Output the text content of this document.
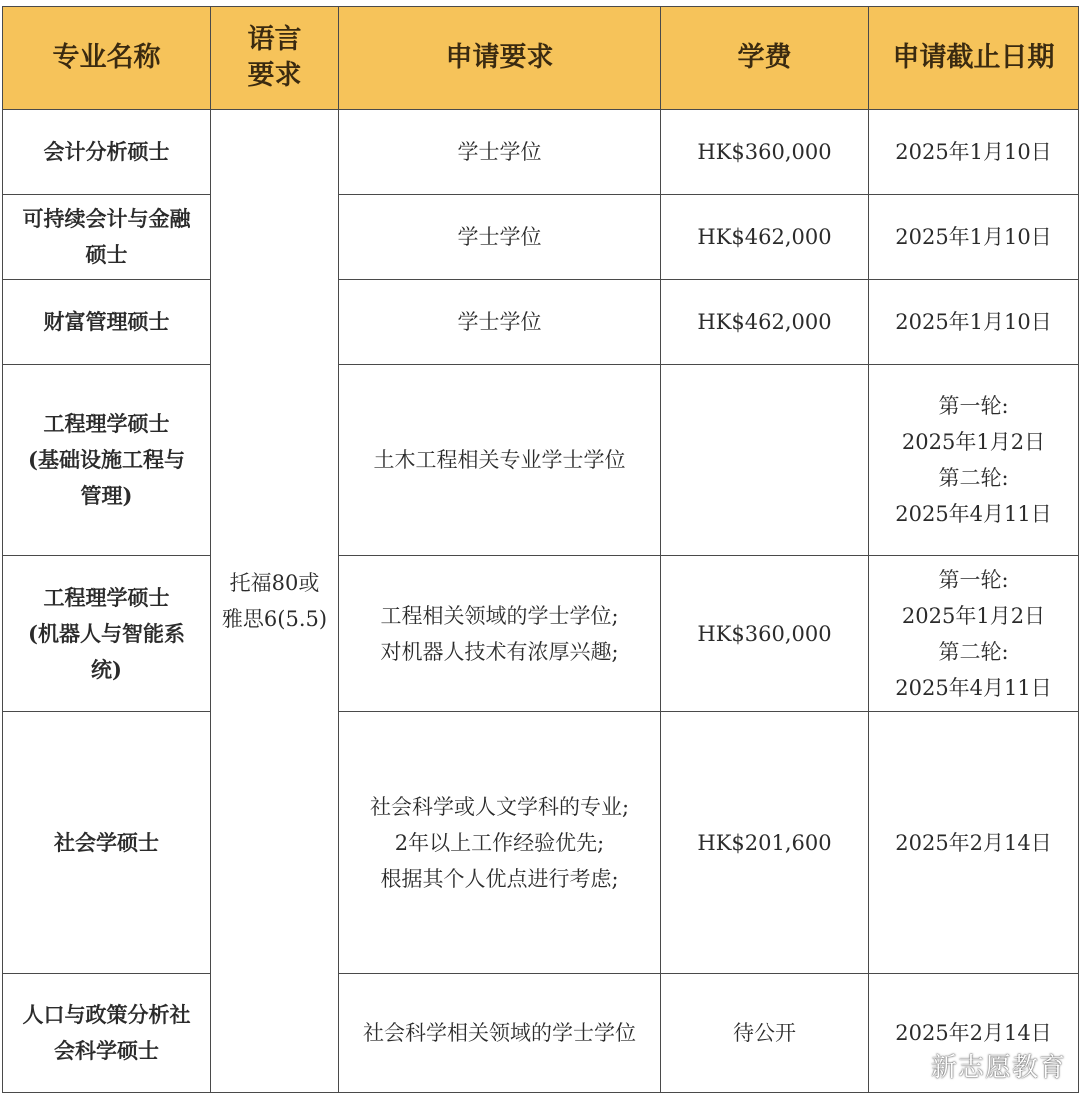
专业名称	语言要求	申请要求	学费	申请截止日期

会计分析硕士	托福80或
雅思6(5.5)	学士学位	HK$360,000	2025年1月10日

可持续会计与金融
硕士		学士学位	HK$462,000	2025年1月10日

财富管理硕士		学士学位	HK$462,000	2025年1月10日

工程理学硕士
(基础设施工程与
管理)		土木工程相关专业学士学位		第一轮:
2025年1月2日
第二轮:
2025年4月11日

工程理学硕士
(机器人与智能系
统)		工程相关领域的学士学位;
对机器人技术有浓厚兴趣;	HK$360,000	第一轮:
2025年1月2日
第二轮:
2025年4月11日

社会学硕士		社会科学或人文学科的专业;
2年以上工作经验优先;
根据其个人优点进行考虑;	HK$201,600	2025年2月14日

人口与政策分析社
会科学硕士		社会科学相关领域的学士学位	待公开	2025年2月14日
新志愿教育
